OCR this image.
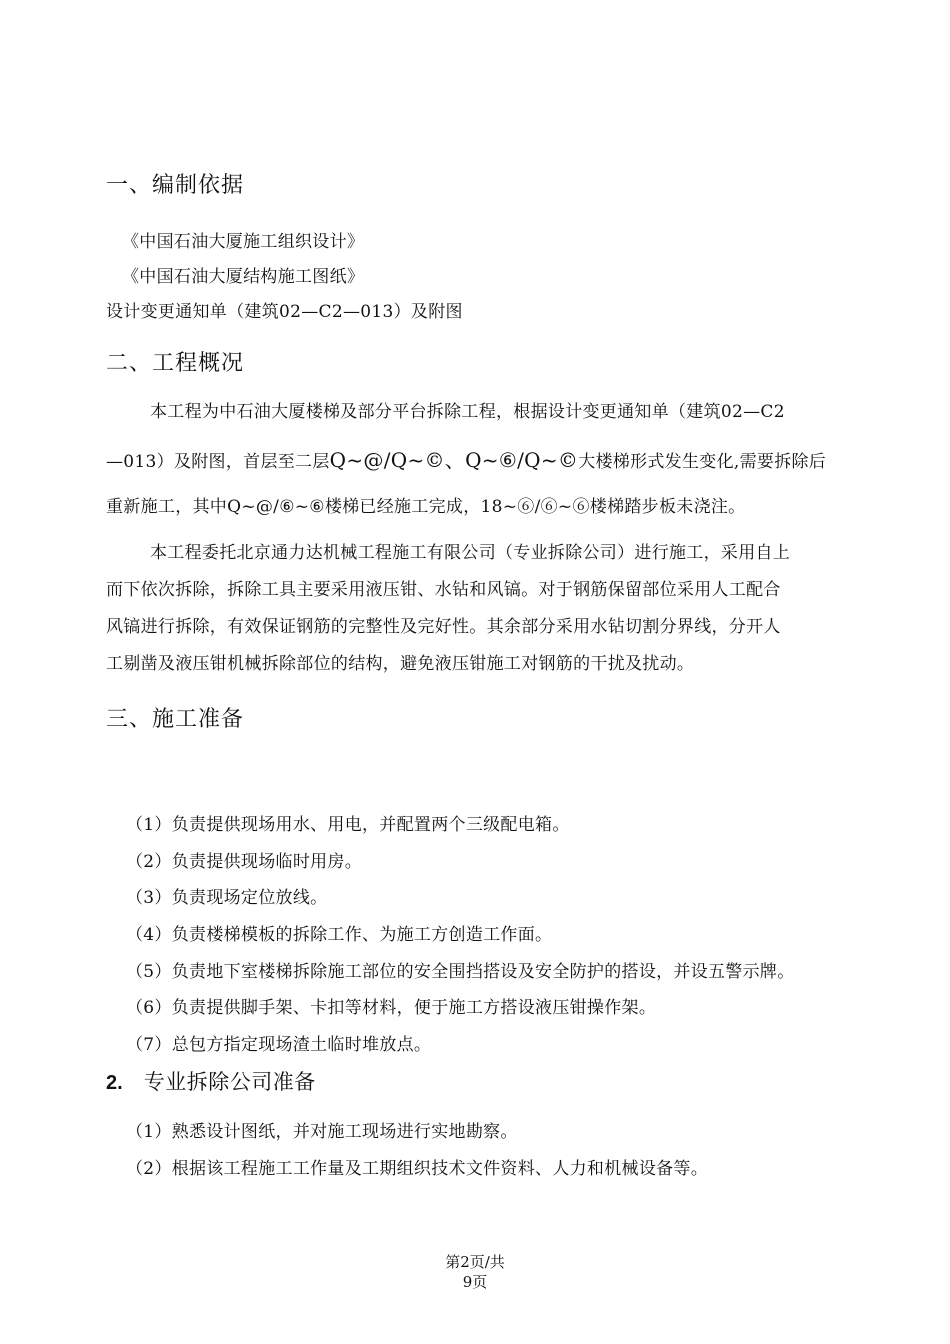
一、编制依据
《中国石油大厦施工组织设计》
《中国石油大厦结构施工图纸》
设计变更通知单（建筑02—C2—013）及附图
二、工程概况
本工程为中石油大厦楼梯及部分平台拆除工程，根据设计变更通知单（建筑02—C2
—013）及附图，首层至二层Q~@/Q~©、Q~⑥/Q~©大楼梯形式发生变化,需要拆除后
重新施工，其中Q~@/⑥~⑥楼梯已经施工完成，18~⑥/⑥~⑥楼梯踏步板未浇注。
本工程委托北京通力达机械工程施工有限公司（专业拆除公司）进行施工，采用自上
而下依次拆除，拆除工具主要采用液压钳、水钻和风镐。对于钢筋保留部位采用人工配合
风镐进行拆除，有效保证钢筋的完整性及完好性。其余部分采用水钻切割分界线，分开人
工剔凿及液压钳机械拆除部位的结构，避免液压钳施工对钢筋的干扰及扰动。
三、施工准备
（1）负责提供现场用水、用电，并配置两个三级配电箱。
（2）负责提供现场临时用房。
（3）负责现场定位放线。
（4）负责楼梯模板的拆除工作、为施工方创造工作面。
（5）负责地下室楼梯拆除施工部位的安全围挡搭设及安全防护的搭设，并设五警示牌。
（6）负责提供脚手架、卡扣等材料，便于施工方搭设液压钳操作架。
（7）总包方指定现场渣土临时堆放点。
2. 专业拆除公司准备
（1）熟悉设计图纸，并对施工现场进行实地勘察。
（2）根据该工程施工工作量及工期组织技术文件资料、人力和机械设备等。
第2页/共
9页
